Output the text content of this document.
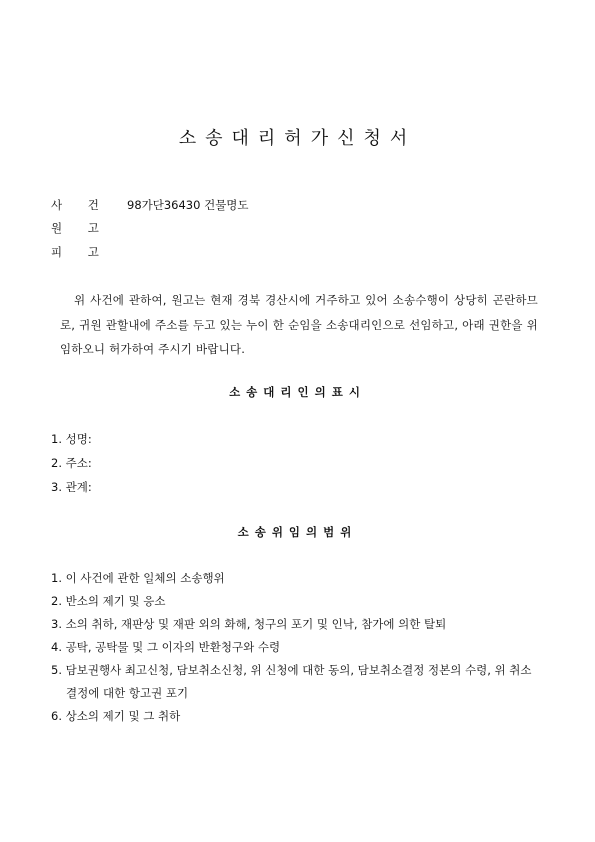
소송대리허가신청서
사 건 98가단36430 건물명도
원 고
피 고
위 사건에 관하여, 원고는 현재 경북 경산시에 거주하고 있어 소송수행이 상당히 곤란하므로, 귀원 관할내에 주소를 두고 있는 누이 한 순임을 소송대리인으로 선임하고, 아래 권한을 위임하오니 허가하여 주시기 바랍니다.
소송대리인의표시
1. 성명:
2. 주소:
3. 관계:
소송위임의범위
1. 이 사건에 관한 일체의 소송행위
2. 반소의 제기 및 응소
3. 소의 취하, 재판상 및 재판 외의 화해, 청구의 포기 및 인낙, 참가에 의한 탈퇴
4. 공탁, 공탁물 및 그 이자의 반환청구와 수령
5. 담보권행사 최고신청, 담보취소신청, 위 신청에 대한 동의, 담보취소결정 정본의 수령, 위 취소결정에 대한 항고권 포기
6. 상소의 제기 및 그 취하
